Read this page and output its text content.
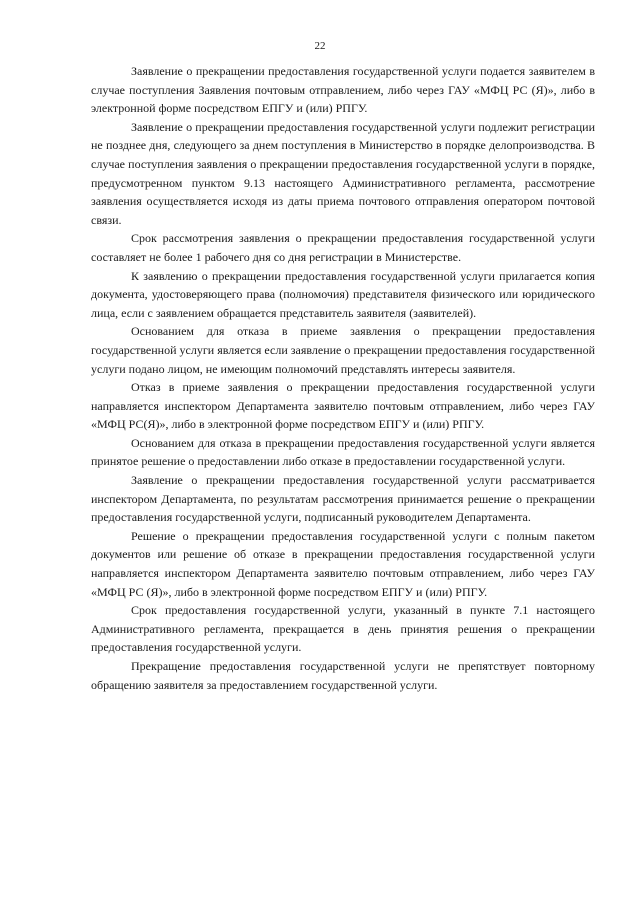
22

Заявление о прекращении предоставления государственной услуги подается заявителем в случае поступления Заявления почтовым отправлением, либо через ГАУ «МФЦ РС (Я)», либо в электронной форме посредством ЕПГУ и (или) РПГУ.

Заявление о прекращении предоставления государственной услуги подлежит регистрации не позднее дня, следующего за днем поступления в Министерство в порядке делопроизводства. В случае поступления заявления о прекращении предоставления государственной услуги в порядке, предусмотренном пунктом 9.13 настоящего Административного регламента, рассмотрение заявления осуществляется исходя из даты приема почтового отправления оператором почтовой связи.

Срок рассмотрения заявления о прекращении предоставления государственной услуги составляет не более 1 рабочего дня со дня регистрации в Министерстве.

К заявлению о прекращении предоставления государственной услуги прилагается копия документа, удостоверяющего права (полномочия) представителя физического или юридического лица, если с заявлением обращается представитель заявителя (заявителей).

Основанием для отказа в приеме заявления о прекращении предоставления государственной услуги является если заявление о прекращении предоставления государственной услуги подано лицом, не имеющим полномочий представлять интересы заявителя.

Отказ в приеме заявления о прекращении предоставления государственной услуги направляется инспектором Департамента заявителю почтовым отправлением, либо через ГАУ «МФЦ РС(Я)», либо в электронной форме посредством ЕПГУ и (или) РПГУ.

Основанием для отказа в прекращении предоставления государственной услуги является принятое решение о предоставлении либо отказе в предоставлении государственной услуги.

Заявление о прекращении предоставления государственной услуги рассматривается инспектором Департамента, по результатам рассмотрения принимается решение о прекращении предоставления государственной услуги, подписанный руководителем Департамента.

Решение о прекращении предоставления государственной услуги с полным пакетом документов или решение об отказе в прекращении предоставления государственной услуги направляется инспектором Департамента заявителю почтовым отправлением, либо через ГАУ «МФЦ РС (Я)», либо в электронной форме посредством ЕПГУ и (или) РПГУ.

Срок предоставления государственной услуги, указанный в пункте 7.1 настоящего Административного регламента, прекращается в день принятия решения о прекращении предоставления государственной услуги.

Прекращение предоставления государственной услуги не препятствует повторному обращению заявителя за предоставлением государственной услуги.
